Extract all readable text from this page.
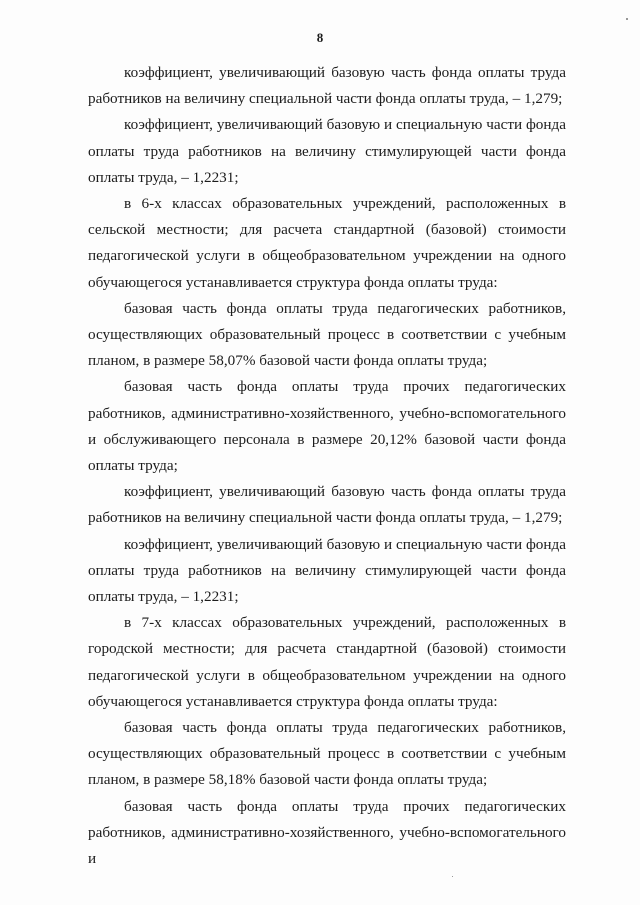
8

коэффициент, увеличивающий базовую часть фонда оплаты труда работников на величину специальной части фонда оплаты труда, – 1,279;

коэффициент, увеличивающий базовую и специальную части фонда оплаты труда работников на величину стимулирующей части фонда оплаты труда, – 1,2231;

в 6-х классах образовательных учреждений, расположенных в сельской местности; для расчета стандартной (базовой) стоимости педагогической услуги в общеобразовательном учреждении на одного обучающегося устанавливается структура фонда оплаты труда:

базовая часть фонда оплаты труда педагогических работников, осуществляющих образовательный процесс в соответствии с учебным планом, в размере 58,07% базовой части фонда оплаты труда;

базовая часть фонда оплаты труда прочих педагогических работников, административно-хозяйственного, учебно-вспомогательного и обслуживающего персонала в размере 20,12% базовой части фонда оплаты труда;

коэффициент, увеличивающий базовую часть фонда оплаты труда работников на величину специальной части фонда оплаты труда, – 1,279;

коэффициент, увеличивающий базовую и специальную части фонда оплаты труда работников на величину стимулирующей части фонда оплаты труда, – 1,2231;

в 7-х классах образовательных учреждений, расположенных в городской местности; для расчета стандартной (базовой) стоимости педагогической услуги в общеобразовательном учреждении на одного обучающегося устанавливается структура фонда оплаты труда:

базовая часть фонда оплаты труда педагогических работников, осуществляющих образовательный процесс в соответствии с учебным планом, в размере 58,18% базовой части фонда оплаты труда;

базовая часть фонда оплаты труда прочих педагогических работников, административно-хозяйственного, учебно-вспомогательного и
